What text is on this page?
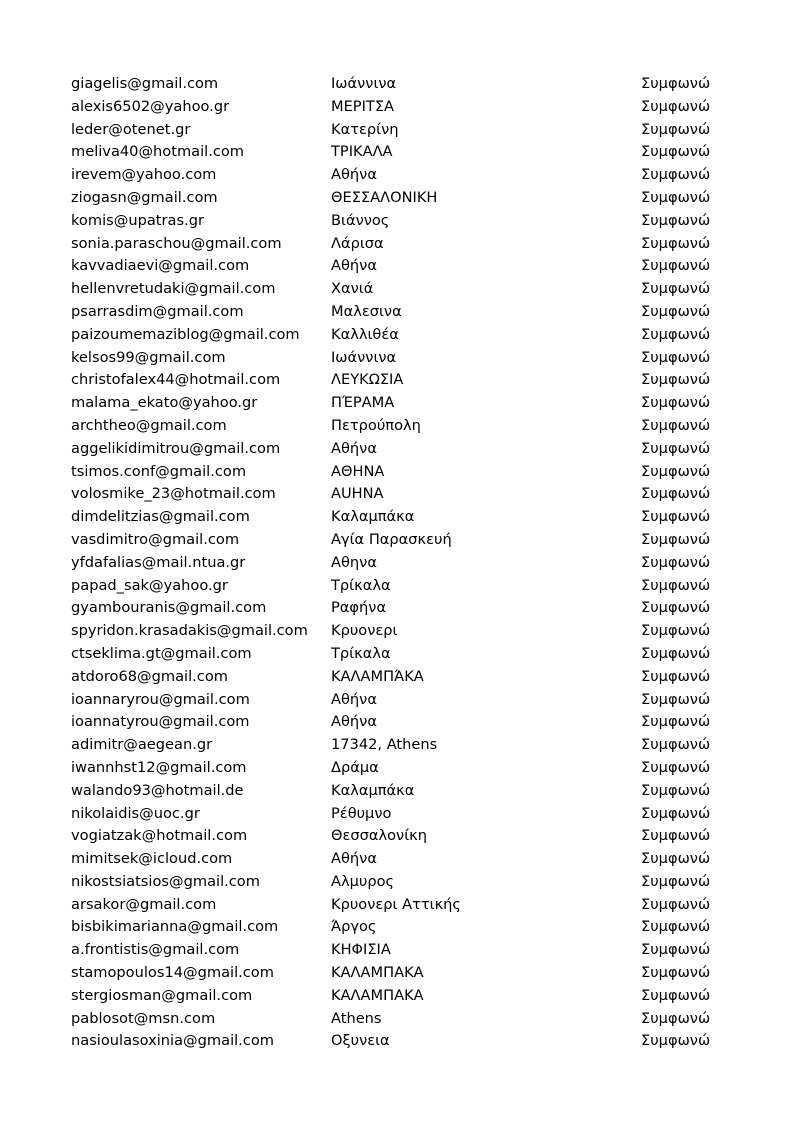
giagelis@gmail.com	Ιωάννινα	Συμφωνώ
alexis6502@yahoo.gr	ΜΕΡΙΤΣΑ	Συμφωνώ
leder@otenet.gr	Κατερίνη	Συμφωνώ
meliva40@hotmail.com	ΤΡΙΚΑΛΑ	Συμφωνώ
irevem@yahoo.com	Αθήνα	Συμφωνώ
ziogasn@gmail.com	ΘΕΣΣΑΛΟΝΙΚΗ	Συμφωνώ
komis@upatras.gr	Βιάννος	Συμφωνώ
sonia.paraschou@gmail.com	Λάρισα	Συμφωνώ
kavvadiaevi@gmail.com	Αθήνα	Συμφωνώ
hellenvretudaki@gmail.com	Χανιά	Συμφωνώ
psarrasdim@gmail.com	Μαλεσινα	Συμφωνώ
paizoumemaziblog@gmail.com Καλλιθέα	Συμφωνώ
kelsos99@gmail.com	Ιωάννινα	Συμφωνώ
christofalex44@hotmail.com	ΛΕΥΚΩΣΙΑ	Συμφωνώ
malama_ekato@yahoo.gr	ΠΈΡΑΜΑ	Συμφωνώ
archtheo@gmail.com	Πετρούπολη	Συμφωνώ
aggelikidimitrou@gmail.com	Αθήνα	Συμφωνώ
tsimos.conf@gmail.com	ΑΘΗΝΑ	Συμφωνώ
volosmike_23@hotmail.com	AUHNA	Συμφωνώ
dimdelitzias@gmail.com	Καλαμπάκα	Συμφωνώ
vasdimitro@gmail.com	Αγία Παρασκευή	Συμφωνώ
yfdafalias@mail.ntua.gr	Αθηνα	Συμφωνώ
papad_sak@yahoo.gr	Τρίκαλα	Συμφωνώ
gyambouranis@gmail.com	Ραφήνα	Συμφωνώ
spyridon.krasadakis@gmail.com Κρυονερι	Συμφωνώ
ctseklima.gt@gmail.com	Τρίκαλα	Συμφωνώ
atdoro68@gmail.com	ΚΑΛΑΜΠΆΚΑ	Συμφωνώ
ioannaryrou@gmail.com	Αθήνα	Συμφωνώ
ioannatyrou@gmail.com	Αθήνα	Συμφωνώ
adimitr@aegean.gr	17342, Athens	Συμφωνώ
iwannhst12@gmail.com	Δράμα	Συμφωνώ
walando93@hotmail.de	Καλαμπάκα	Συμφωνώ
nikolaidis@uoc.gr	Ρέθυμνο	Συμφωνώ
vogiatzak@hotmail.com	Θεσσαλονίκη	Συμφωνώ
mimitsek@icloud.com	Αθήνα	Συμφωνώ
nikostsiatsios@gmail.com	Αλμυρος	Συμφωνώ
arsakor@gmail.com	Κρυονερι Αττικής	Συμφωνώ
bisbikimarianna@gmail.com	Άργος	Συμφωνώ
a.frontistis@gmail.com	ΚΗΦΙΣΙΑ	Συμφωνώ
stamopoulos14@gmail.com	ΚΑΛΑΜΠΑΚΑ	Συμφωνώ
stergiosman@gmail.com	ΚΑΛΑΜΠΑΚΑ	Συμφωνώ
pablosot@msn.com	Athens	Συμφωνώ
nasioulasoxinia@gmail.com	Οξυνεια	Συμφωνώ
